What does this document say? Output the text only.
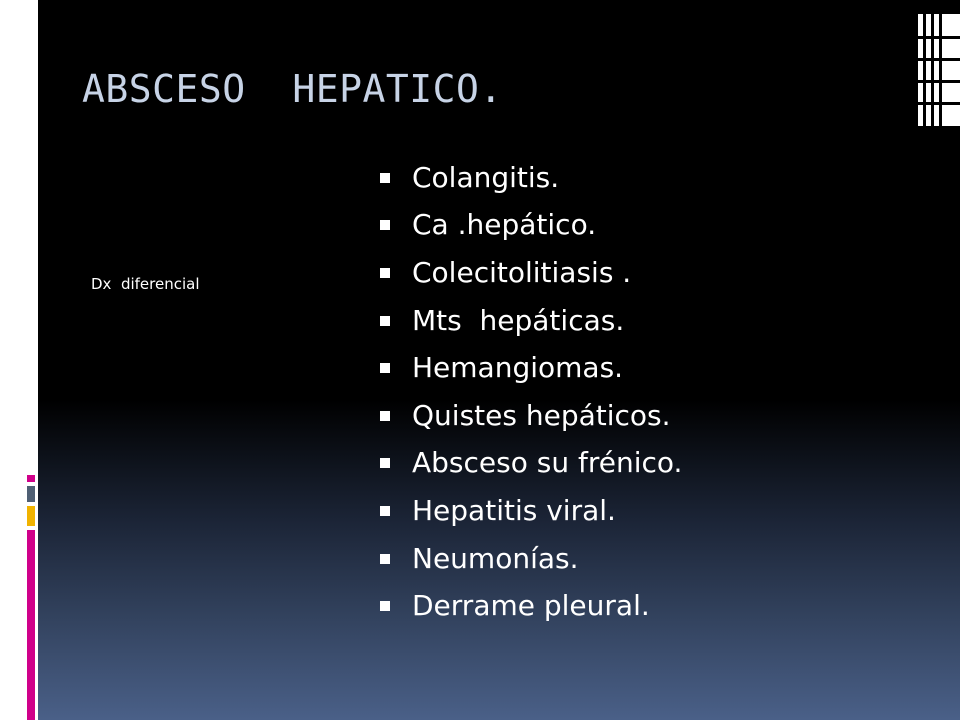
ABSCESO  HEPATICO.
Dx  diferencial
Colangitis.
Ca .hepático.
Colecitolitiasis .
Mts  hepáticas.
Hemangiomas.
Quistes hepáticos.
Absceso su frénico.
Hepatitis viral.
Neumonías.
Derrame pleural.
